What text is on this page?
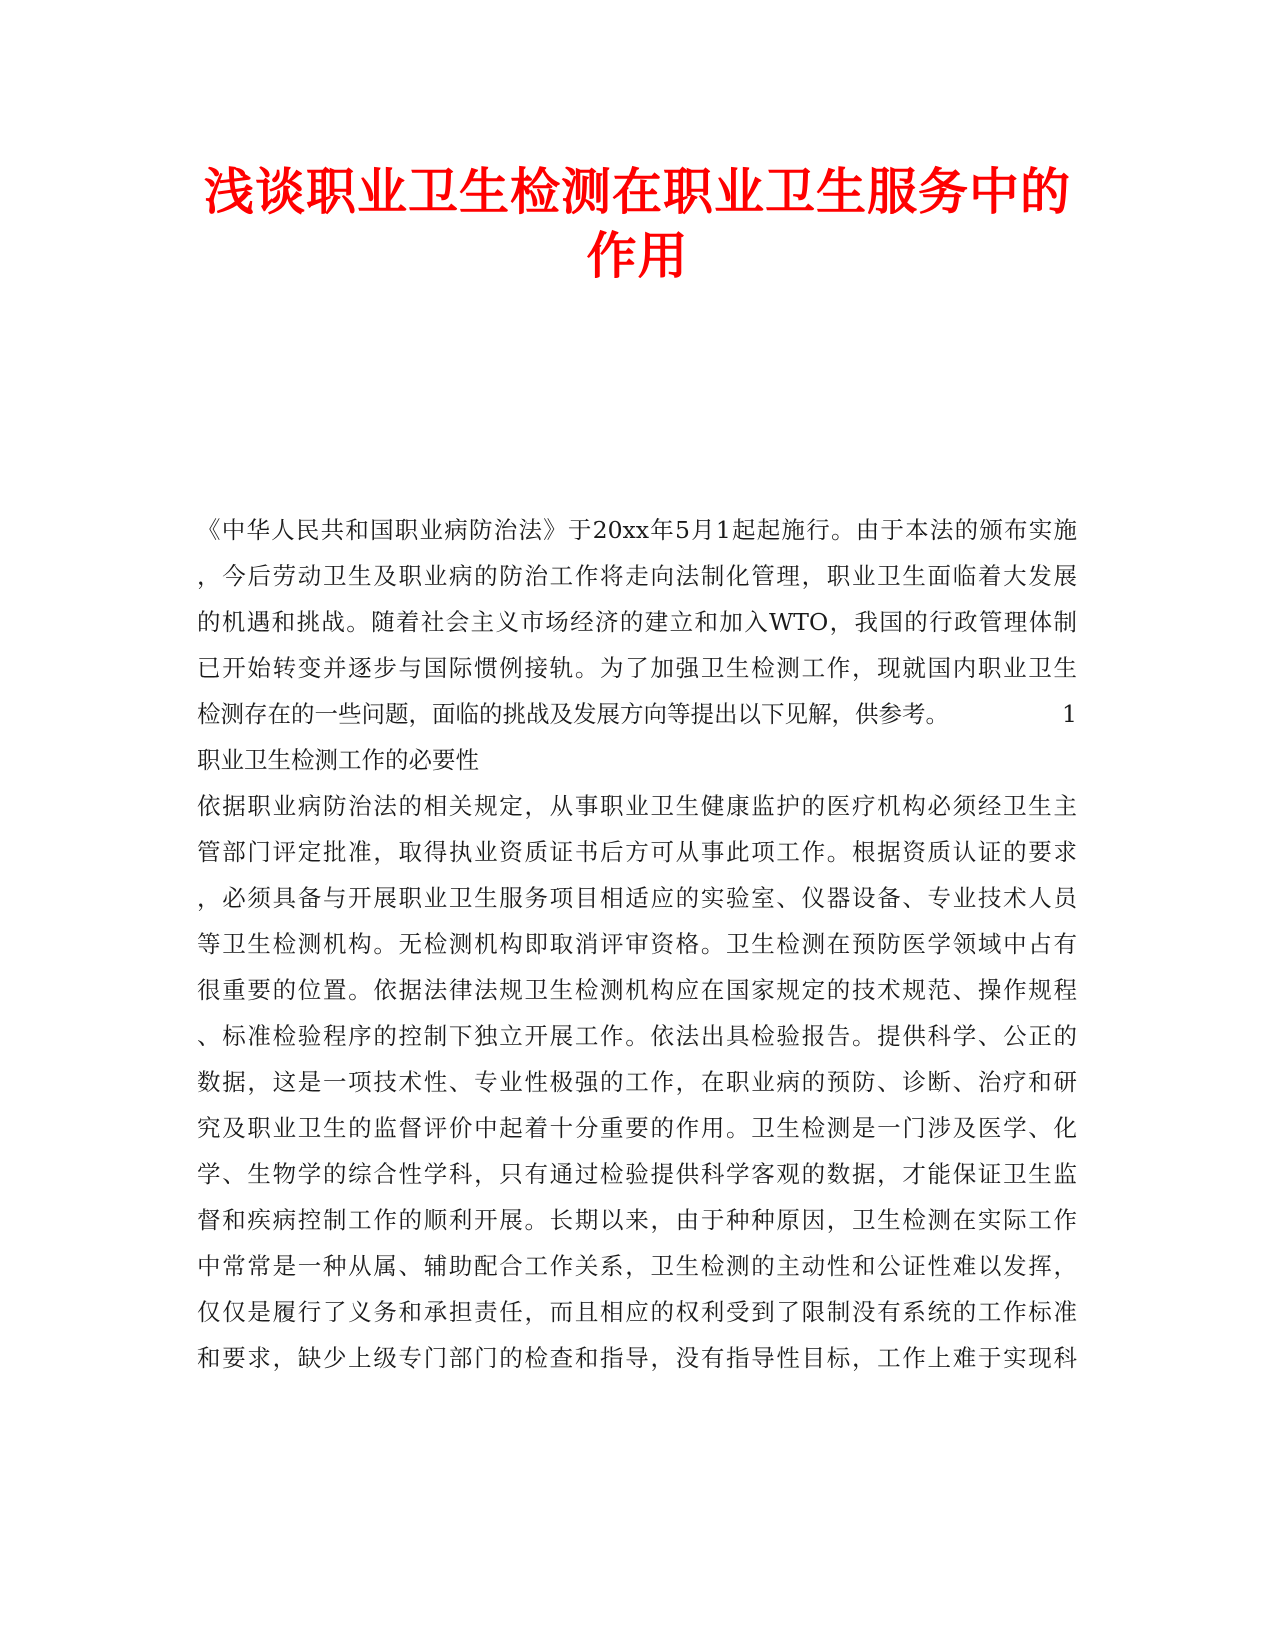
浅谈职业卫生检测在职业卫生服务中的
作用
《中华人民共和国职业病防治法》于20xx年5月1起起施行。由于本法的颁布实施
，今后劳动卫生及职业病的防治工作将走向法制化管理，职业卫生面临着大发展
的机遇和挑战。随着社会主义市场经济的建立和加入WTO，我国的行政管理体制
已开始转变并逐步与国际惯例接轨。为了加强卫生检测工作，现就国内职业卫生
检测存在的一些问题，面临的挑战及发展方向等提出以下见解，供参考。	1
职业卫生检测工作的必要性
依据职业病防治法的相关规定，从事职业卫生健康监护的医疗机构必须经卫生主
管部门评定批准，取得执业资质证书后方可从事此项工作。根据资质认证的要求
，必须具备与开展职业卫生服务项目相适应的实验室、仪器设备、专业技术人员
等卫生检测机构。无检测机构即取消评审资格。卫生检测在预防医学领域中占有
很重要的位置。依据法律法规卫生检测机构应在国家规定的技术规范、操作规程
、标准检验程序的控制下独立开展工作。依法出具检验报告。提供科学、公正的
数据，这是一项技术性、专业性极强的工作，在职业病的预防、诊断、治疗和研
究及职业卫生的监督评价中起着十分重要的作用。卫生检测是一门涉及医学、化
学、生物学的综合性学科，只有通过检验提供科学客观的数据，才能保证卫生监
督和疾病控制工作的顺利开展。长期以来，由于种种原因，卫生检测在实际工作
中常常是一种从属、辅助配合工作关系，卫生检测的主动性和公证性难以发挥，
仅仅是履行了义务和承担责任，而且相应的权利受到了限制没有系统的工作标准
和要求，缺少上级专门部门的检查和指导，没有指导性目标，工作上难于实现科
